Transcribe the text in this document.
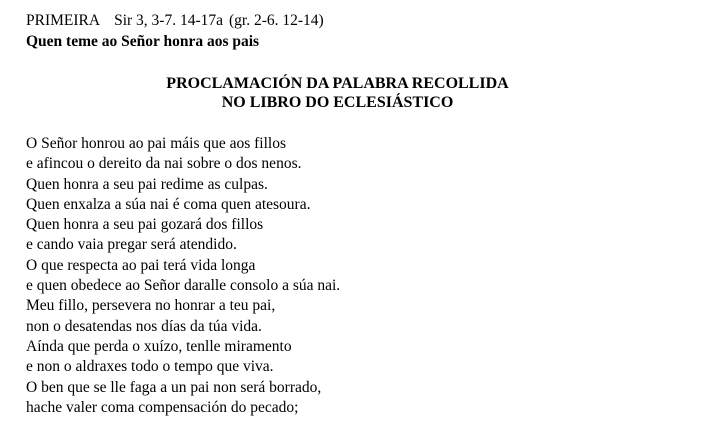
PRIMEIRA Sir 3, 3-7. 14-17a (gr. 2-6. 12-14)
Quen teme ao Señor honra aos pais
PROCLAMACIÓN DA PALABRA RECOLLIDA
NO LIBRO DO ECLESIÁSTICO
O Señor honrou ao pai máis que aos fillos
e afincou o dereito da nai sobre o dos nenos.
Quen honra a seu pai redime as culpas.
Quen enxalza a súa nai é coma quen atesoura.
Quen honra a seu pai gozará dos fillos
e cando vaia pregar será atendido.
O que respecta ao pai terá vida longa
e quen obedece ao Señor daralle consolo a súa nai.
Meu fillo, persevera no honrar a teu pai,
non o desatendas nos días da túa vida.
Aínda que perda o xuízo, tenlle miramento
e non o aldraxes todo o tempo que viva.
O ben que se lle faga a un pai non será borrado,
hache valer coma compensación do pecado;
